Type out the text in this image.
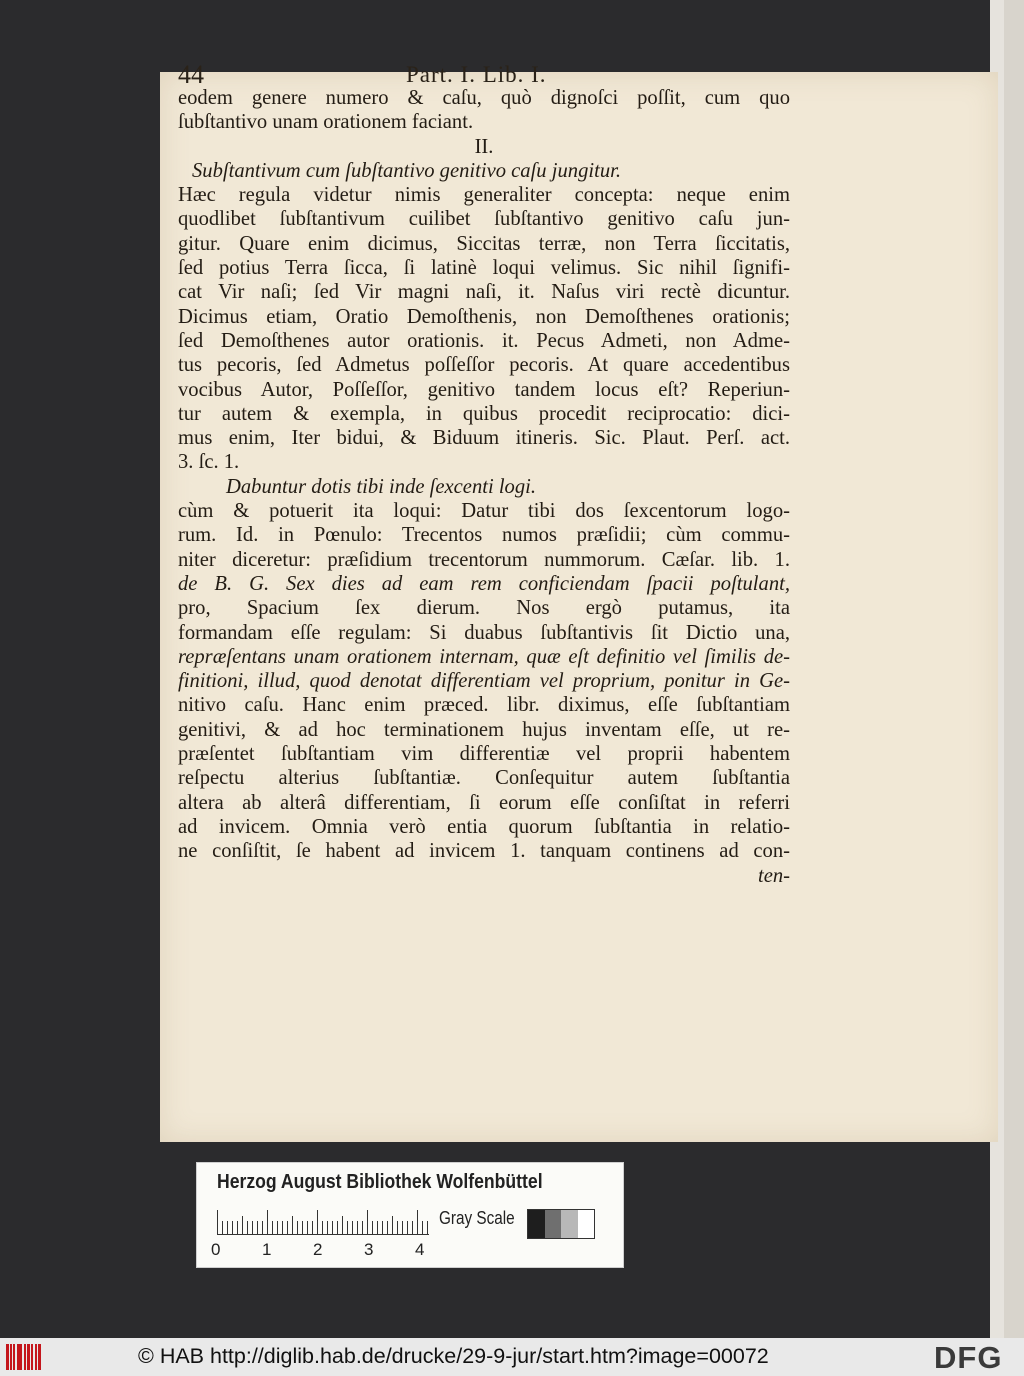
44	Part. I. Lib. I.
eodem genere numero & caſu, quò dignoſci poſſit, cum quo
ſubſtantivo unam orationem faciant.
II.
Subſtantivum cum ſubſtantivo genitivo caſu jungitur.
Hæc regula videtur nimis generaliter concepta: neque enim
quodlibet ſubſtantivum cuilibet ſubſtantivo genitivo caſu jun-
gitur. Quare enim dicimus, Siccitas terræ, non Terra ſiccitatis,
ſed potius Terra ſicca, ſi latinè loqui velimus. Sic nihil ſignifi-
cat Vir naſi; ſed Vir magni naſi, it. Naſus viri rectè dicuntur.
Dicimus etiam, Oratio Demoſthenis, non Demoſthenes orationis;
ſed Demoſthenes autor orationis. it. Pecus Admeti, non Adme-
tus pecoris, ſed Admetus poſſeſſor pecoris. At quare accedentibus
vocibus Autor, Poſſeſſor, genitivo tandem locus eſt? Reperiun-
tur autem & exempla, in quibus procedit reciprocatio: dici-
mus enim, Iter bidui, & Biduum itineris. Sic. Plaut. Perſ. act.
3. ſc. 1.
Dabuntur dotis tibi inde ſexcenti logi.
cùm & potuerit ita loqui: Datur tibi dos ſexcentorum logo-
rum. Id. in Pœnulo: Trecentos numos præſidii; cùm commu-
niter diceretur: præſidium trecentorum nummorum. Cæſar. lib. 1.
de B. G. Sex dies ad eam rem conficiendam ſpacii poſtulant,
pro, Spacium ſex dierum. Nos ergò putamus, ita
formandam eſſe regulam: Si duabus ſubſtantivis ſit Dictio una,
repræſentans unam orationem internam, quæ eſt definitio vel ſimilis de-
finitioni, illud, quod denotat differentiam vel proprium, ponitur in Ge-
nitivo caſu. Hanc enim præced. libr. diximus, eſſe ſubſtantiam
genitivi, & ad hoc terminationem hujus inventam eſſe, ut re-
præſentet ſubſtantiam vim differentiæ vel proprii habentem
reſpectu alterius ſubſtantiæ. Conſequitur autem ſubſtantia
altera ab alterâ differentiam, ſi eorum eſſe conſiſtat in referri
ad invicem. Omnia verò entia quorum ſubſtantia in relatio-
ne conſiſtit, ſe habent ad invicem 1. tanquam continens ad con-
ten-
Herzog August Bibliothek Wolfenbüttel
0 1 2 3 4
Gray Scale
© HAB http://diglib.hab.de/drucke/29-9-jur/start.htm?image=00072	DFG
